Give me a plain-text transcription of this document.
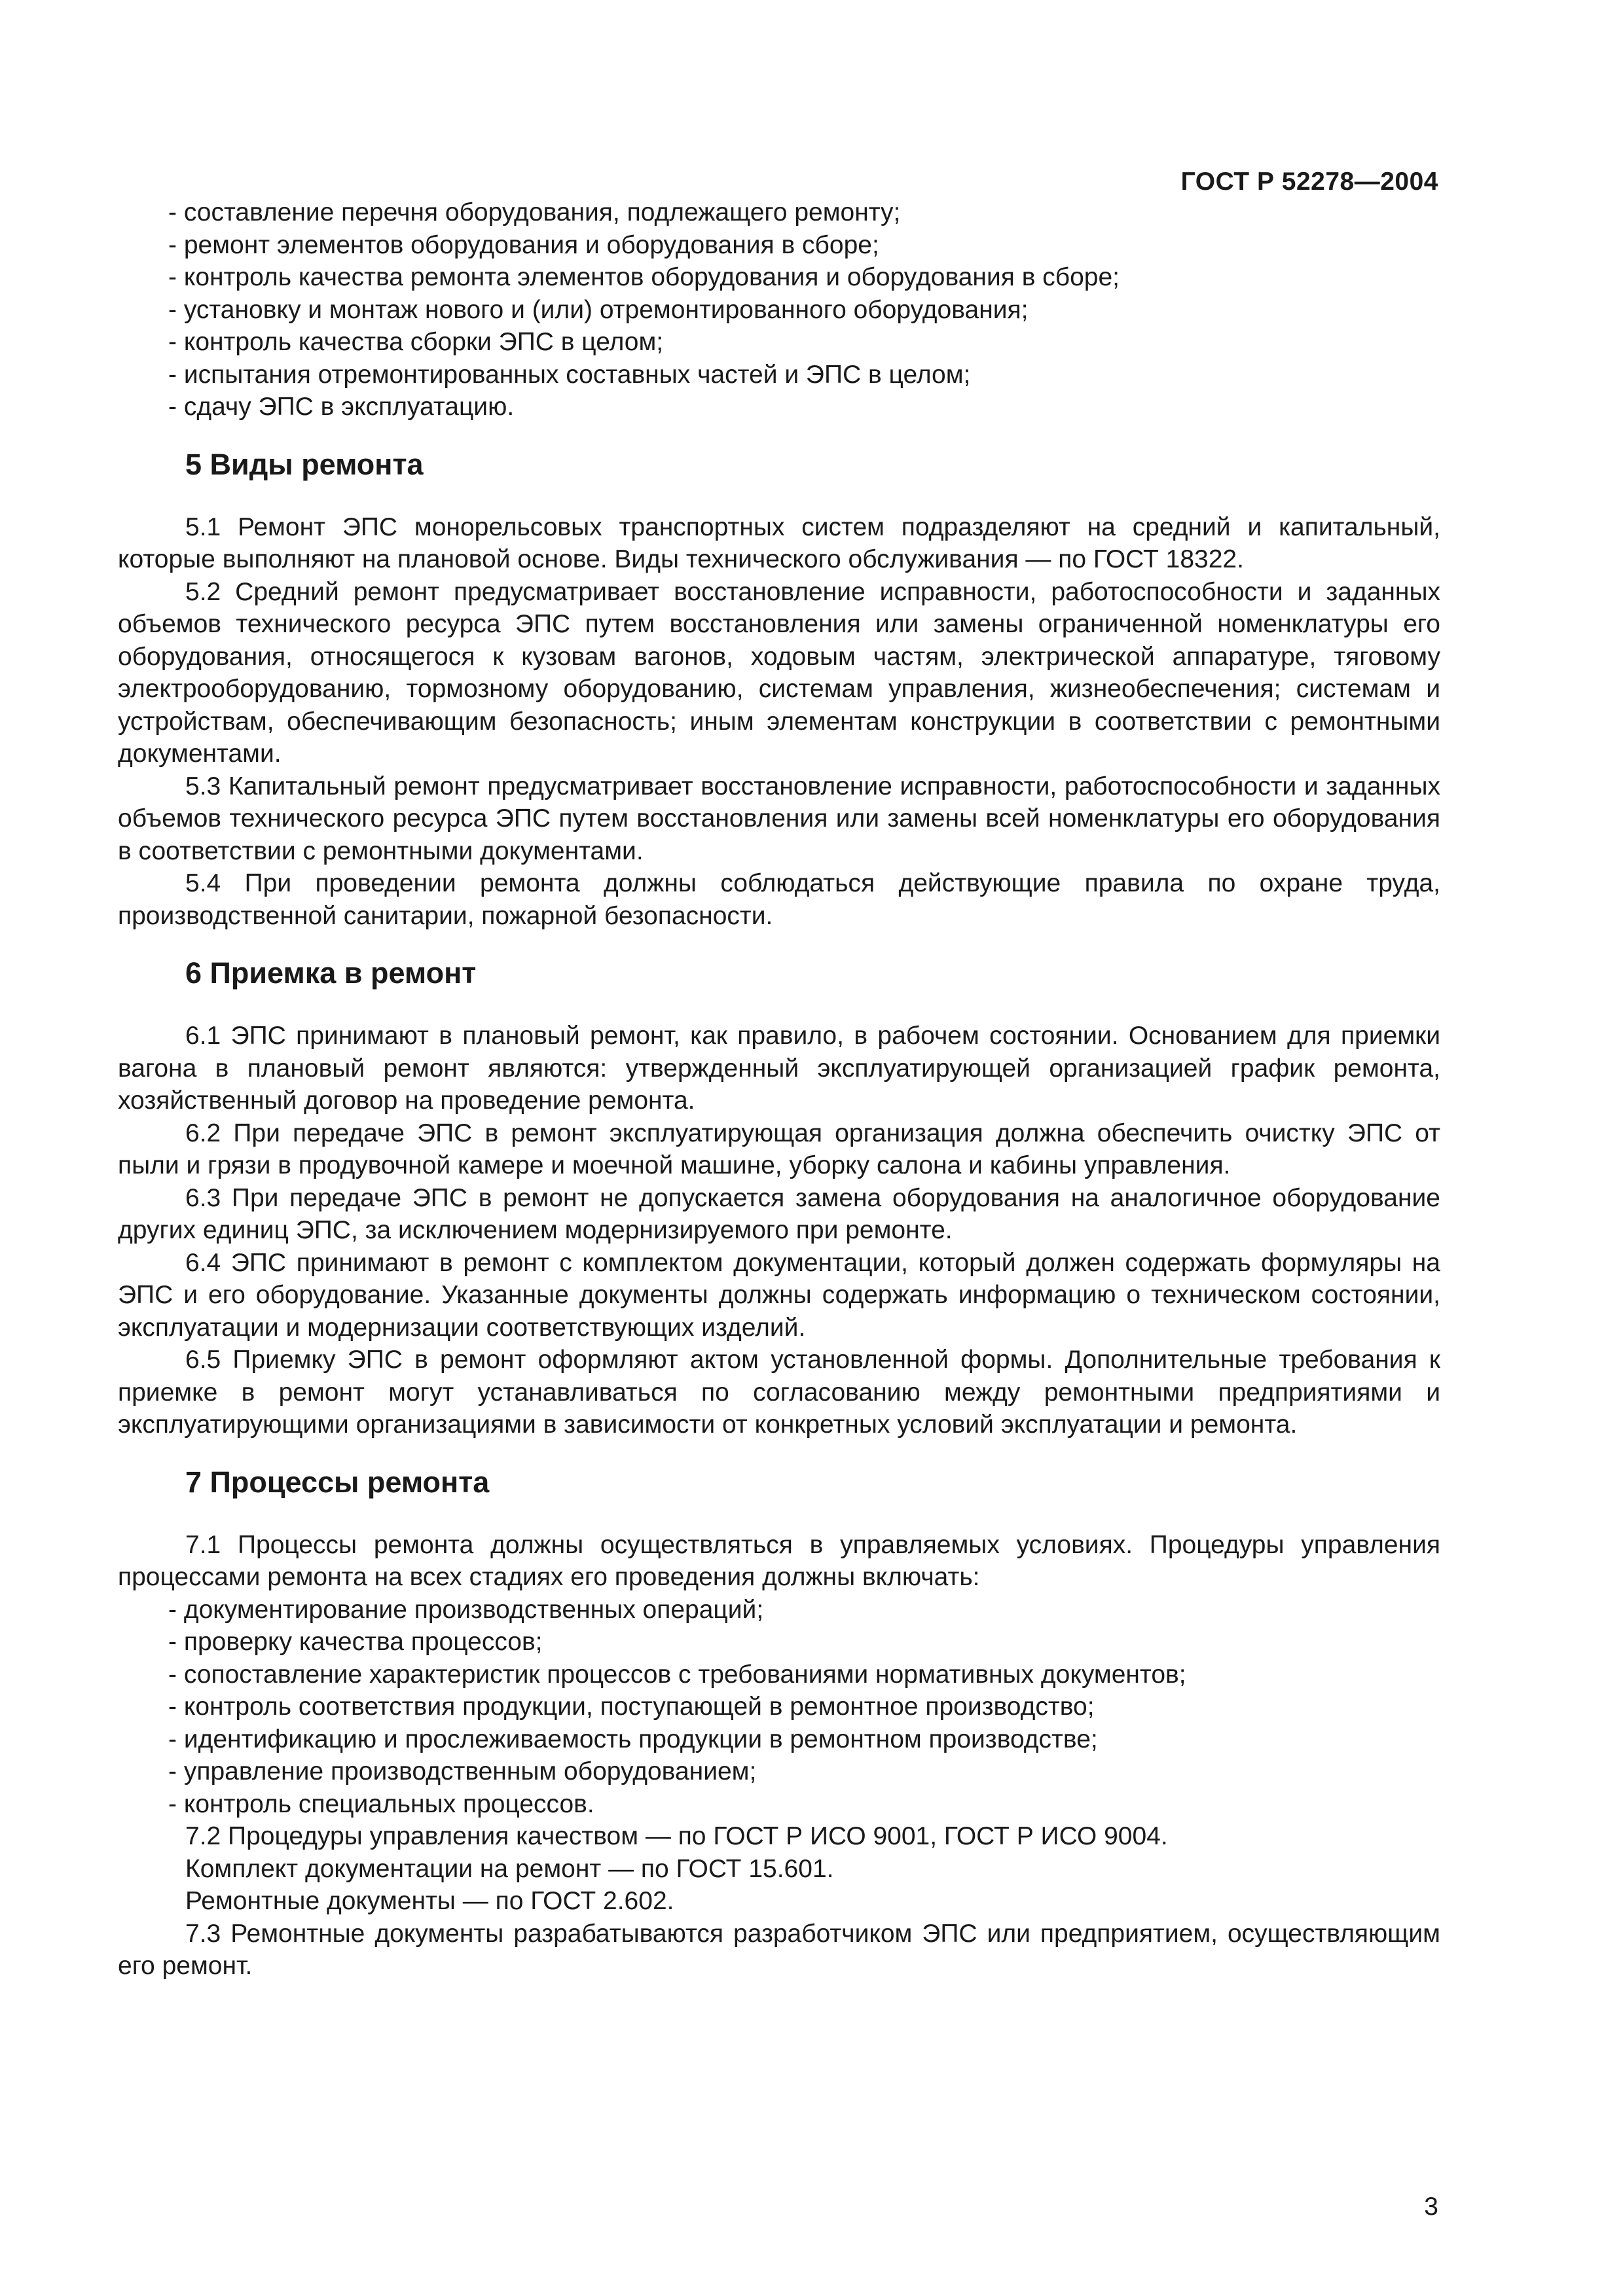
ГОСТ Р 52278—2004
- составление перечня оборудования, подлежащего ремонту;
- ремонт элементов оборудования и оборудования в сборе;
- контроль качества ремонта элементов оборудования и оборудования в сборе;
- установку и монтаж нового и (или) отремонтированного оборудования;
- контроль качества сборки ЭПС в целом;
- испытания отремонтированных составных частей и ЭПС в целом;
- сдачу ЭПС в эксплуатацию.
5 Виды ремонта
5.1 Ремонт ЭПС монорельсовых транспортных систем подразделяют на средний и капитальный, которые выполняют на плановой основе. Виды технического обслуживания — по ГОСТ 18322.
5.2 Средний ремонт предусматривает восстановление исправности, работоспособности и заданных объемов технического ресурса ЭПС путем восстановления или замены ограниченной номенклатуры его оборудования, относящегося к кузовам вагонов, ходовым частям, электрической аппаратуре, тяговому электрооборудованию, тормозному оборудованию, системам управления, жизнеобеспечения; системам и устройствам, обеспечивающим безопасность; иным элементам конструкции в соответствии с ремонтными документами.
5.3 Капитальный ремонт предусматривает восстановление исправности, работоспособности и заданных объемов технического ресурса ЭПС путем восстановления или замены всей номенклатуры его оборудования в соответствии с ремонтными документами.
5.4 При проведении ремонта должны соблюдаться действующие правила по охране труда, производственной санитарии, пожарной безопасности.
6 Приемка в ремонт
6.1 ЭПС принимают в плановый ремонт, как правило, в рабочем состоянии. Основанием для приемки вагона в плановый ремонт являются: утвержденный эксплуатирующей организацией график ремонта, хозяйственный договор на проведение ремонта.
6.2 При передаче ЭПС в ремонт эксплуатирующая организация должна обеспечить очистку ЭПС от пыли и грязи в продувочной камере и моечной машине, уборку салона и кабины управления.
6.3 При передаче ЭПС в ремонт не допускается замена оборудования на аналогичное оборудование других единиц ЭПС, за исключением модернизируемого при ремонте.
6.4 ЭПС принимают в ремонт с комплектом документации, который должен содержать формуляры на ЭПС и его оборудование. Указанные документы должны содержать информацию о техническом состоянии, эксплуатации и модернизации соответствующих изделий.
6.5 Приемку ЭПС в ремонт оформляют актом установленной формы. Дополнительные требования к приемке в ремонт могут устанавливаться по согласованию между ремонтными предприятиями и эксплуатирующими организациями в зависимости от конкретных условий эксплуатации и ремонта.
7 Процессы ремонта
7.1 Процессы ремонта должны осуществляться в управляемых условиях. Процедуры управления процессами ремонта на всех стадиях его проведения должны включать:
- документирование производственных операций;
- проверку качества процессов;
- сопоставление характеристик процессов с требованиями нормативных документов;
- контроль соответствия продукции, поступающей в ремонтное производство;
- идентификацию и прослеживаемость продукции в ремонтном производстве;
- управление производственным оборудованием;
- контроль специальных процессов.
7.2 Процедуры управления качеством — по ГОСТ Р ИСО 9001, ГОСТ Р ИСО 9004.
Комплект документации на ремонт — по ГОСТ 15.601.
Ремонтные документы — по ГОСТ 2.602.
7.3 Ремонтные документы разрабатываются разработчиком ЭПС или предприятием, осуществляющим его ремонт.
3
